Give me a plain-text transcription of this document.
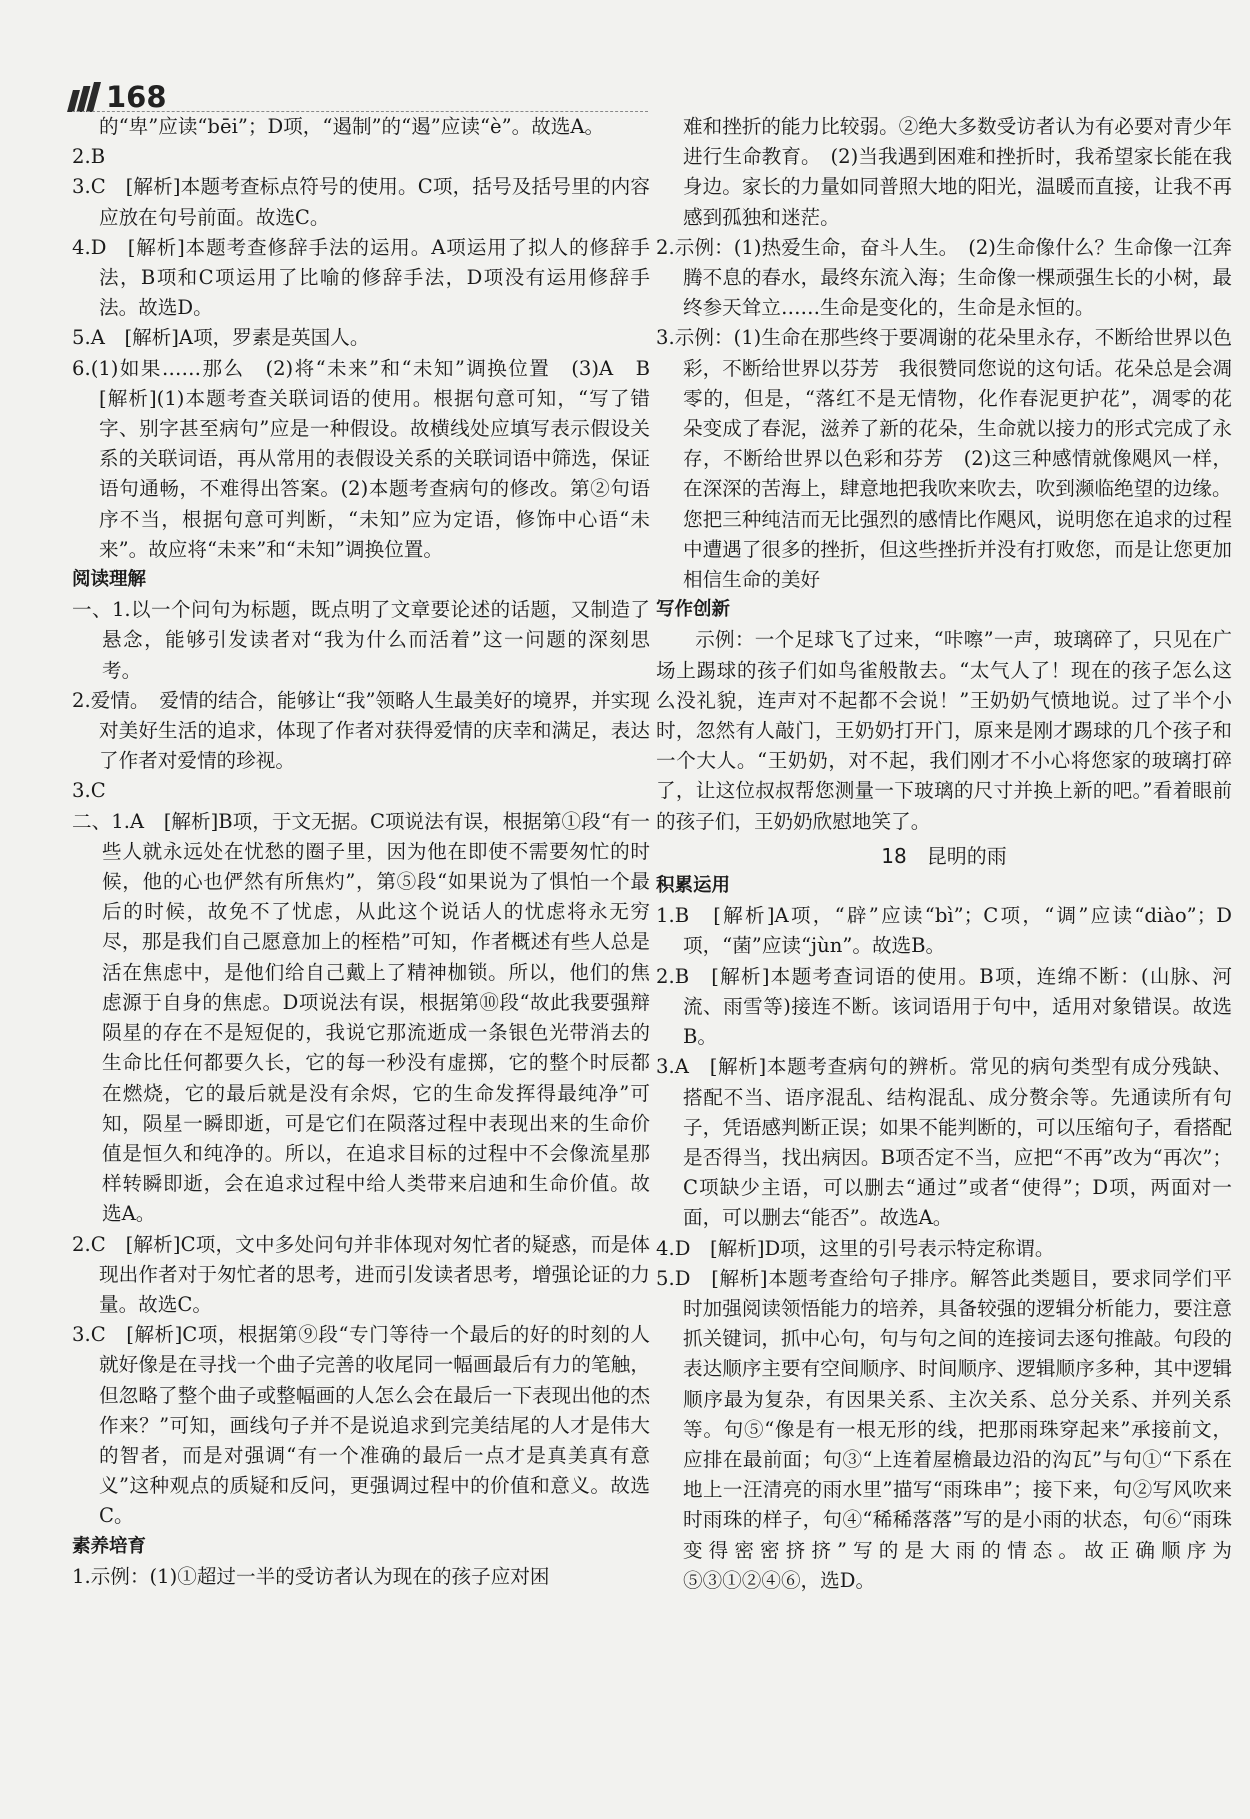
168

的“卑”应读“bēi”；D项，“遏制”的“遏”应读“è”。故选A。

2.B

3.C　[解析]本题考查标点符号的使用。C项，括号及括号里的内容应放在句号前面。故选C。

4.D　[解析]本题考查修辞手法的运用。A项运用了拟人的修辞手法，B项和C项运用了比喻的修辞手法，D项没有运用修辞手法。故选D。

5.A　[解析]A项，罗素是英国人。

6.(1)如果……那么　(2)将“未来”和“未知”调换位置　(3)A　B　[解析](1)本题考查关联词语的使用。根据句意可知，“写了错字、别字甚至病句”应是一种假设。故横线处应填写表示假设关系的关联词语，再从常用的表假设关系的关联词语中筛选，保证语句通畅，不难得出答案。(2)本题考查病句的修改。第②句语序不当，根据句意可判断，“未知”应为定语，修饰中心语“未来”。故应将“未来”和“未知”调换位置。

阅读理解

一、1.以一个问句为标题，既点明了文章要论述的话题，又制造了悬念，能够引发读者对“我为什么而活着”这一问题的深刻思考。

2.爱情。　爱情的结合，能够让“我”领略人生最美好的境界，并实现对美好生活的追求，体现了作者对获得爱情的庆幸和满足，表达了作者对爱情的珍视。

3.C

二、1.A　[解析]B项，于文无据。C项说法有误，根据第①段“有一些人就永远处在忧愁的圈子里，因为他在即使不需要匆忙的时候，他的心也俨然有所焦灼”，第⑤段“如果说为了惧怕一个最后的时候，故免不了忧虑，从此这个说话人的忧虑将永无穷尽，那是我们自己愿意加上的桎梏”可知，作者概述有些人总是活在焦虑中，是他们给自己戴上了精神枷锁。所以，他们的焦虑源于自身的焦虑。D项说法有误，根据第⑩段“故此我要强辩陨星的存在不是短促的，我说它那流逝成一条银色光带消去的生命比任何都要久长，它的每一秒没有虚掷，它的整个时辰都在燃烧，它的最后就是没有余烬，它的生命发挥得最纯净”可知，陨星一瞬即逝，可是它们在陨落过程中表现出来的生命价值是恒久和纯净的。所以，在追求目标的过程中不会像流星那样转瞬即逝，会在追求过程中给人类带来启迪和生命价值。故选A。

2.C　[解析]C项，文中多处问句并非体现对匆忙者的疑惑，而是体现出作者对于匆忙者的思考，进而引发读者思考，增强论证的力量。故选C。

3.C　[解析]C项，根据第⑨段“专门等待一个最后的好的时刻的人就好像是在寻找一个曲子完善的收尾同一幅画最后有力的笔触，但忽略了整个曲子或整幅画的人怎么会在最后一下表现出他的杰作来？”可知，画线句子并不是说追求到完美结尾的人才是伟大的智者，而是对强调“有一个准确的最后一点才是真美真有意义”这种观点的质疑和反问，更强调过程中的价值和意义。故选C。

素养培育

1.示例：(1)①超过一半的受访者认为现在的孩子应对困

难和挫折的能力比较弱。②绝大多数受访者认为有必要对青少年进行生命教育。　(2)当我遇到困难和挫折时，我希望家长能在我身边。家长的力量如同普照大地的阳光，温暖而直接，让我不再感到孤独和迷茫。

2.示例：(1)热爱生命，奋斗人生。　(2)生命像什么？生命像一江奔腾不息的春水，最终东流入海；生命像一棵顽强生长的小树，最终参天耸立……生命是变化的，生命是永恒的。

3.示例：(1)生命在那些终于要凋谢的花朵里永存，不断给世界以色彩，不断给世界以芬芳　我很赞同您说的这句话。花朵总是会凋零的，但是，“落红不是无情物，化作春泥更护花”，凋零的花朵变成了春泥，滋养了新的花朵，生命就以接力的形式完成了永存，不断给世界以色彩和芬芳　(2)这三种感情就像飓风一样，在深深的苦海上，肆意地把我吹来吹去，吹到濒临绝望的边缘。

您把三种纯洁而无比强烈的感情比作飓风，说明您在追求的过程中遭遇了很多的挫折，但这些挫折并没有打败您，而是让您更加相信生命的美好

写作创新

示例：一个足球飞了过来，“咔嚓”一声，玻璃碎了，只见在广场上踢球的孩子们如鸟雀般散去。“太气人了！现在的孩子怎么这么没礼貌，连声对不起都不会说！”王奶奶气愤地说。过了半个小时，忽然有人敲门，王奶奶打开门，原来是刚才踢球的几个孩子和一个大人。“王奶奶，对不起，我们刚才不小心将您家的玻璃打碎了，让这位叔叔帮您测量一下玻璃的尺寸并换上新的吧。”看着眼前的孩子们，王奶奶欣慰地笑了。

18　昆明的雨

积累运用

1.B　[解析]A项，“辟”应读“bì”；C项，“调”应读“diào”；D项，“菌”应读“jùn”。故选B。

2.B　[解析]本题考查词语的使用。B项，连绵不断：(山脉、河流、雨雪等)接连不断。该词语用于句中，适用对象错误。故选B。

3.A　[解析]本题考查病句的辨析。常见的病句类型有成分残缺、搭配不当、语序混乱、结构混乱、成分赘余等。先通读所有句子，凭语感判断正误；如果不能判断的，可以压缩句子，看搭配是否得当，找出病因。B项否定不当，应把“不再”改为“再次”；C项缺少主语，可以删去“通过”或者“使得”；D项，两面对一面，可以删去“能否”。故选A。

4.D　[解析]D项，这里的引号表示特定称谓。

5.D　[解析]本题考查给句子排序。解答此类题目，要求同学们平时加强阅读领悟能力的培养，具备较强的逻辑分析能力，要注意抓关键词，抓中心句，句与句之间的连接词去逐句推敲。句段的表达顺序主要有空间顺序、时间顺序、逻辑顺序多种，其中逻辑顺序最为复杂，有因果关系、主次关系、总分关系、并列关系等。句⑤“像是有一根无形的线，把那雨珠穿起来”承接前文，应排在最前面；句③“上连着屋檐最边沿的沟瓦”与句①“下系在地上一汪清亮的雨水里”描写“雨珠串”；接下来，句②写风吹来时雨珠的样子，句④“稀稀落落”写的是小雨的状态，句⑥“雨珠变得密密挤挤”写的是大雨的情态。故正确顺序为⑤③①②④⑥，选D。
